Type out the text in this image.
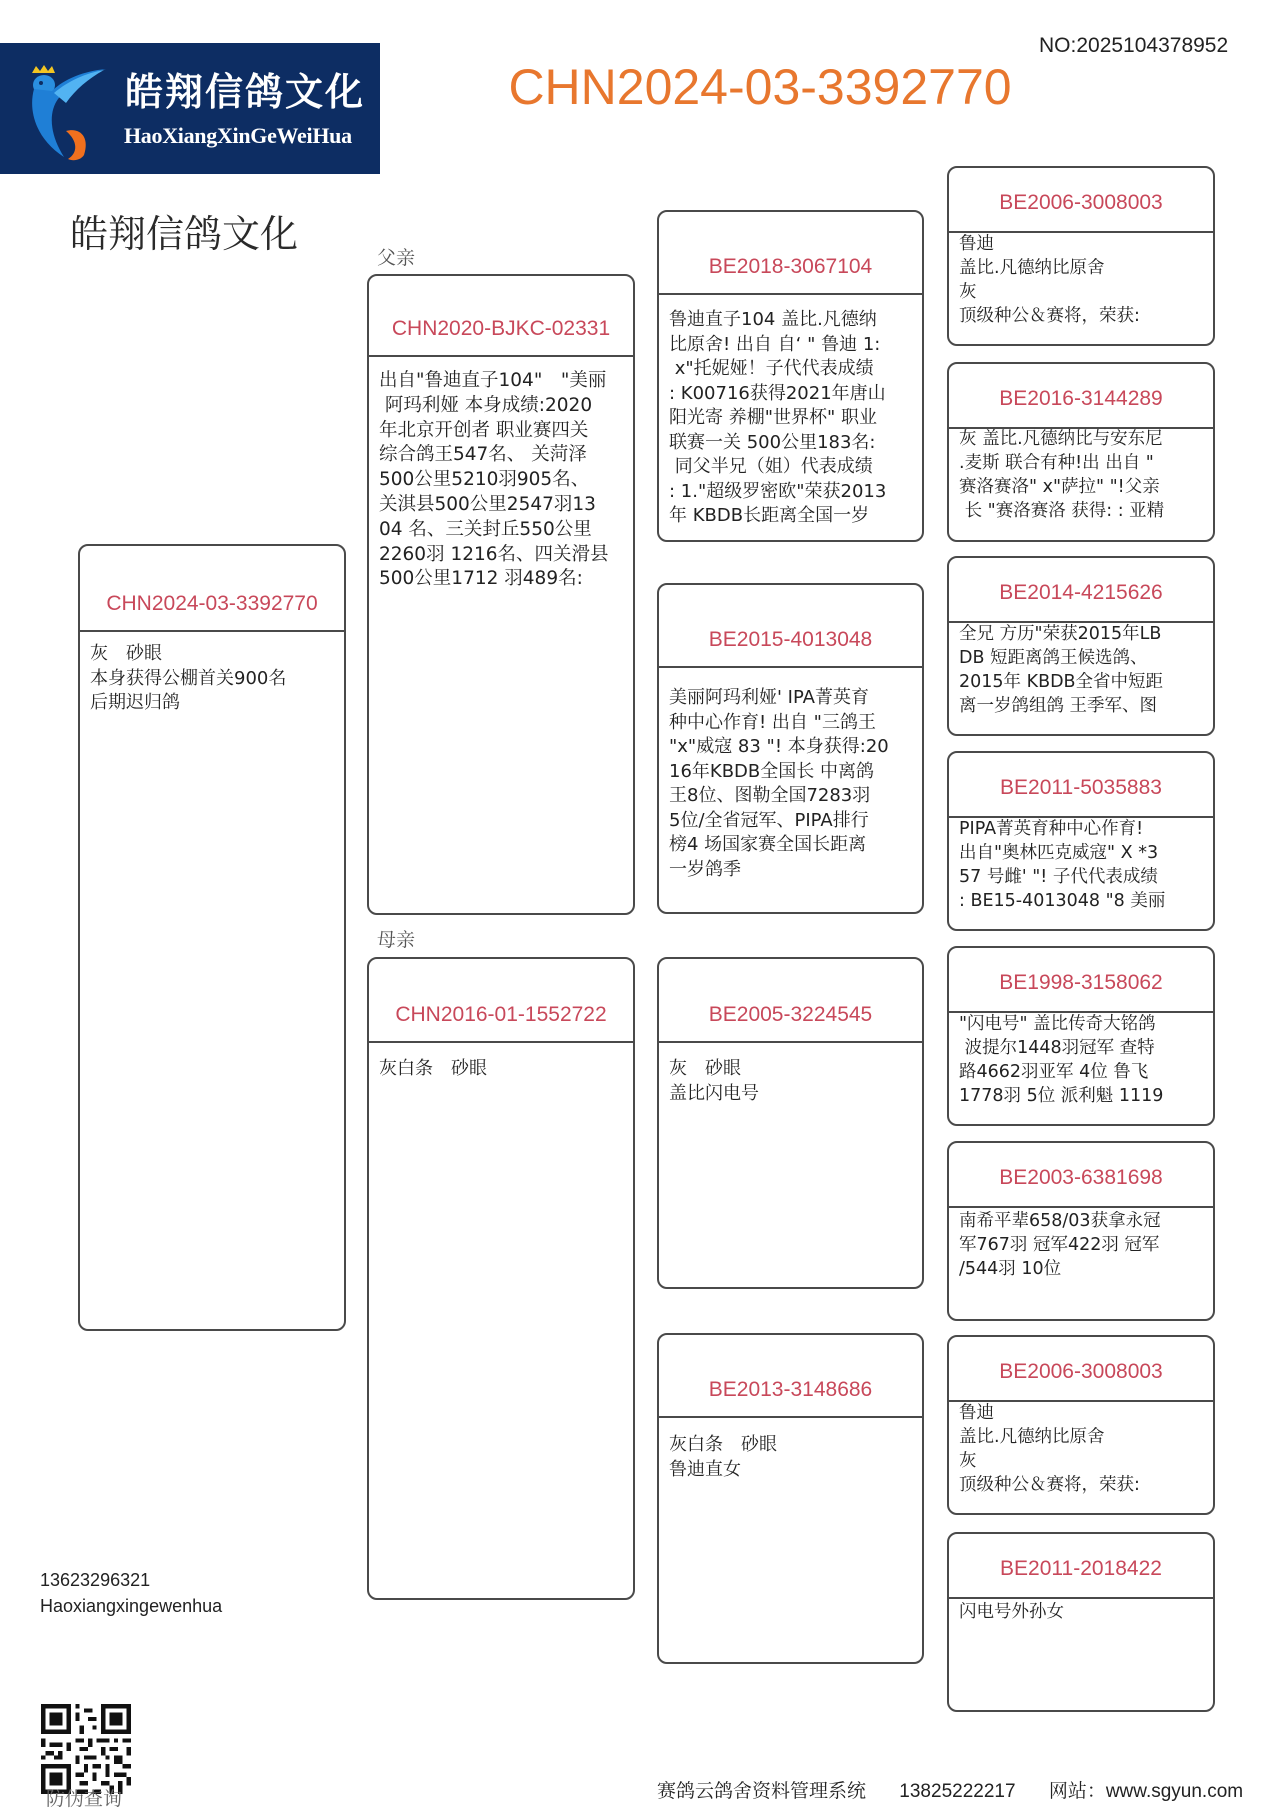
皓翔信鸽文化
HaoXiangXinGeWeiHua
NO:2025104378952
CHN2024-03-3392770
皓翔信鸽文化
CHN2024-03-3392770
灰　砂眼
本身获得公棚首关900名
后期迟归鸽
父亲
CHN2020-BJKC-02331
出自"鲁迪直子104"　"美丽
阿玛利娅 本身成绩:2020
年北京开创者 职业赛四关
综合鸽王547名、 关菏泽
500公里5210羽905名、
关淇县500公里2547羽13
04 名、三关封丘550公里
2260羽 1216名、四关滑县
500公里1712 羽489名:
母亲
CHN2016-01-1552722
灰白条　砂眼
BE2018-3067104
鲁迪直子104 盖比.凡德纳
比原舍! 出自 自‘ " 鲁迪 1:
x"托妮娅！子代代表成绩
: K00716获得2021年唐山
阳光寄 养棚"世界杯" 职业
联赛一关 500公里183名:
同父半兄（姐）代表成绩
: 1."超级罗密欧"荣获2013
年 KBDB长距离全国一岁
BE2015-4013048
美丽阿玛利娅' IPA菁英育
种中心作育! 出自 "三鸽王
"x"威寇 83 "! 本身获得:20
16年KBDB全国长 中离鸽
王8位、图勒全国7283羽
5位/全省冠军、PIPA排行
榜4 场国家赛全国长距离
一岁鸽季
BE2005-3224545
灰　砂眼
盖比闪电号
BE2013-3148686
灰白条　砂眼
鲁迪直女
BE2006-3008003
鲁迪
盖比.凡德纳比原舍
灰
顶级种公＆赛将，荣获:
BE2016-3144289
灰 盖比.凡德纳比与安东尼
.麦斯 联合有种!出 出自 "
赛洛赛洛" x"萨拉" "!父亲
长 "赛洛赛洛 获得: : 亚精
BE2014-4215626
全兄 方历"荣获2015年LB
DB 短距离鸽王候选鸽、
2015年 KBDB全省中短距
离一岁鸽组鸽 王季军、图
BE2011-5035883
PIPA菁英育种中心作育!
出自"奥林匹克威寇" X *3
57 号雌' "! 子代代表成绩
: BE15-4013048 "8 美丽
BE1998-3158062
"闪电号" 盖比传奇大铭鸽
波提尔1448羽冠军 查特
路4662羽亚军 4位 鲁飞
1778羽 5位 派利魁 1119
BE2003-6381698
南希平辈658/03获拿永冠
军767羽 冠军422羽 冠军
/544羽 10位
BE2006-3008003
鲁迪
盖比.凡德纳比原舍
灰
顶级种公＆赛将，荣获:
BE2011-2018422
闪电号外孙女
13623296321
Haoxiangxingewenhua
防伪查询	赛鸽云鸽舍资料管理系统 13825222217 网站：www.sgyun.com
